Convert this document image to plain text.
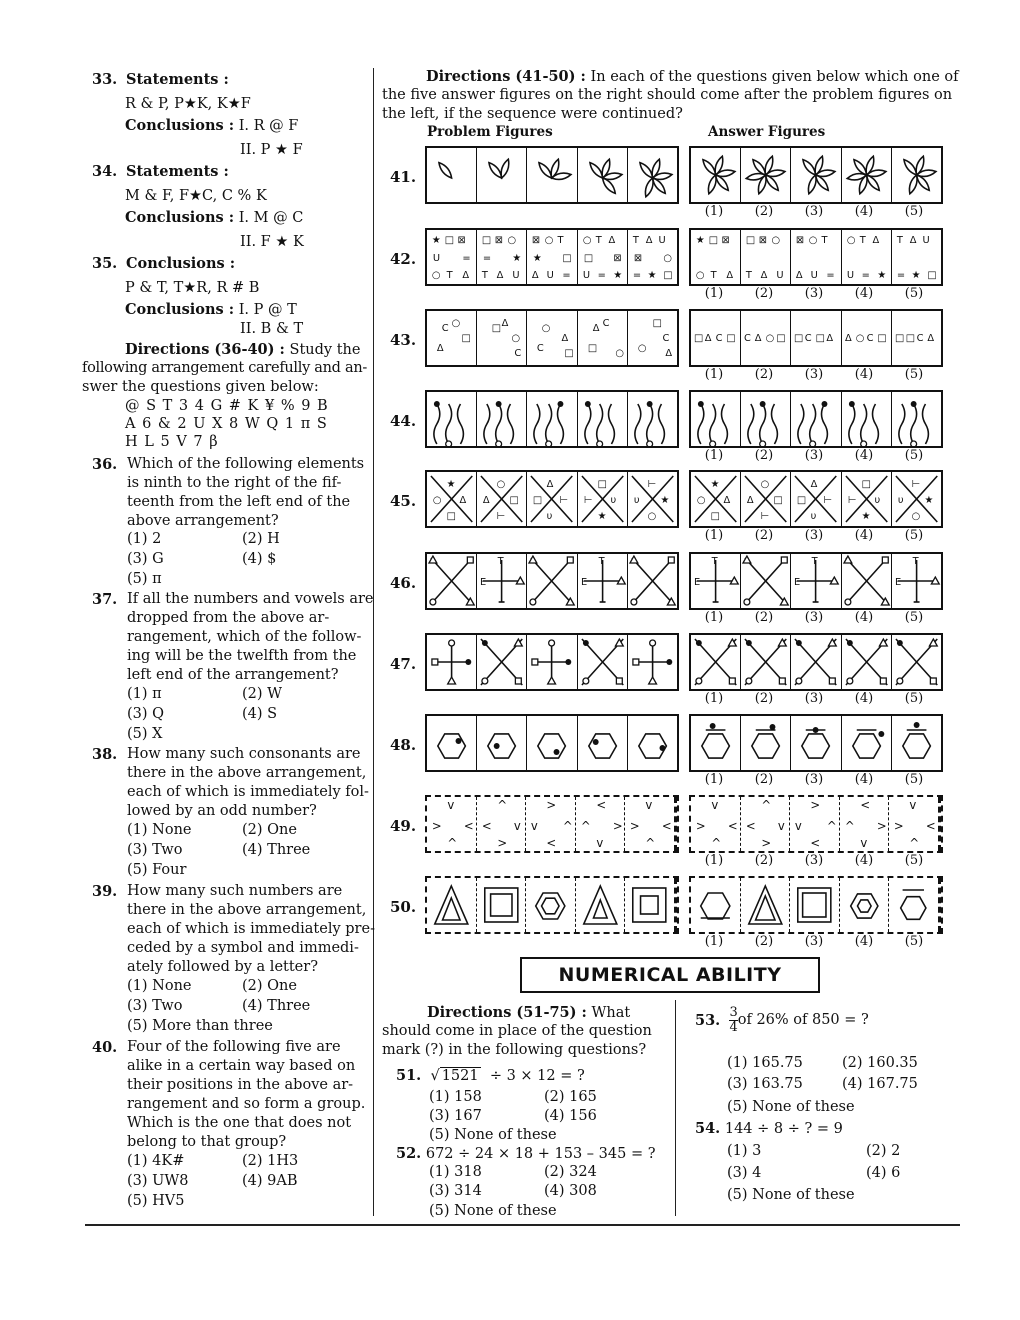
33. Statements :
R & P, P★K, K★F
Conclusions : I. R @ F
II. P ★ F
34. Statements :
M & F, F★C, C % K
Conclusions : I. M @ C
II. F ★ K
35. Conclusions :
P & T, T★R, R # B
Conclusions : I. P @ T
II. B & T
Directions (36-40) : Study the
following arrangement carefully and an-
swer the questions given below:
@ S T 3 4 G # K ¥ % 9 B
A 6 & 2 U X 8 W Q 1 π S
H L 5 V 7 β
36. Which of the following elements
is ninth to the right of the fif-
teenth from the left end of the
above arrangement?
(1) 2	(2) H
(3) G	(4) $
(5) π
37. If all the numbers and vowels are
dropped from the above ar-
rangement, which of the follow-
ing will be the twelfth from the
left end of the arrangement?
(1) π	(2) W
(3) Q	(4) S
(5) X
38. How many such consonants are
there in the above arrangement,
each of which is immediately fol-
lowed by an odd number?
(1) None	(2) One
(3) Two	(4) Three
(5) Four
39. How many such numbers are
there in the above arrangement,
each of which is immediately pre-
ceded by a symbol and immedi-
ately followed by a letter?
(1) None	(2) One
(3) Two	(4) Three
(5) More than three
40. Four of the following five are
alike in a certain way based on
their positions in the above ar-
rangement and so form a group.
Which is the one that does not
belong to that group?
(1) 4K#	(2) 1H3
(3) UW8	(4) 9AB
(5) HV5
Directions (41-50) : In each of the questions given below which one of
the five answer figures on the right should come after the problem figures on
the left, if the sequence were continued?
Problem Figures	Answer Figures
41.
(1)	(2)	(3)	(4)	(5)
42.
★ □ ⊠
○ T Δ
U =
□ ⊠ ○
T Δ U
= ★
⊠ ○ T
Δ U =
★ □
○ T Δ
U = ★
□ ⊠
T Δ U
= ★ □
⊠ ○
★ □ ⊠
○ T Δ
□ ⊠ ○
T Δ U
⊠ ○ T
Δ U =
○ T Δ
U = ★
T Δ U
= ★ □
(1)	(2)	(3)	(4)	(5)
43. Δ
○
□
C	Δ
○
□
C
Δ
○
□
C
Δ
○
□
C
Δ
○
□
C □ Δ C □ C Δ ○ □ □ C □ Δ Δ ○ C □ □ □ C Δ
(1)	(2)	(3)	(4)	(5)
44.
(1)	(2)	(3)	(4)	(5)
45.
★
○ Δ
□
○
Δ □
⊢
Δ
□ ⊢
υ
□
⊢ υ
★
⊢
υ ★
○
★
○ Δ
□
○
Δ □
⊢
Δ
□ ⊢
υ
□
⊢ υ
★
⊢
υ ★
○
(1)	(2)	(3)	(4)	(5)
46.
T
E
T
E
T
E
T
E
T
E
(1)	(2)	(3)	(4)	(5)
47.
(1)	(2)	(3)	(4)	(5)
48.
(1)	(2)	(3)	(4)	(5)
49.
v
> <
^
^
< v
>
>
v ^
<
<
^ >
v
v
> <
^
v
> <
^
^
< v
>
>
v ^
<
<
^ >
v
v
> <
^
(1)	(2)	(3)	(4)	(5)
50.
(1)	(2)	(3)	(4)	(5)
NUMERICAL ABILITY
Directions (51-75) : What
should come in place of the question
mark (?) in the following questions?
51. √ 1521 ÷ 3 × 12 = ?
(1) 158	(2) 165
(3) 167	(4) 156
(5) None of these
52. 672 ÷ 24 × 18 + 153 – 345 = ?
(1) 318	(2) 324
(3) 314	(4) 308
(5) None of these
53. $\frac{3}{4}$ of 26% of 850 = ?
(1) 165.75	(2) 160.35
(3) 163.75	(4) 167.75
(5) None of these
54. 144 ÷ 8 ÷ ? = 9
(1) 3	(2) 2
(3) 4	(4) 6
(5) None of these
